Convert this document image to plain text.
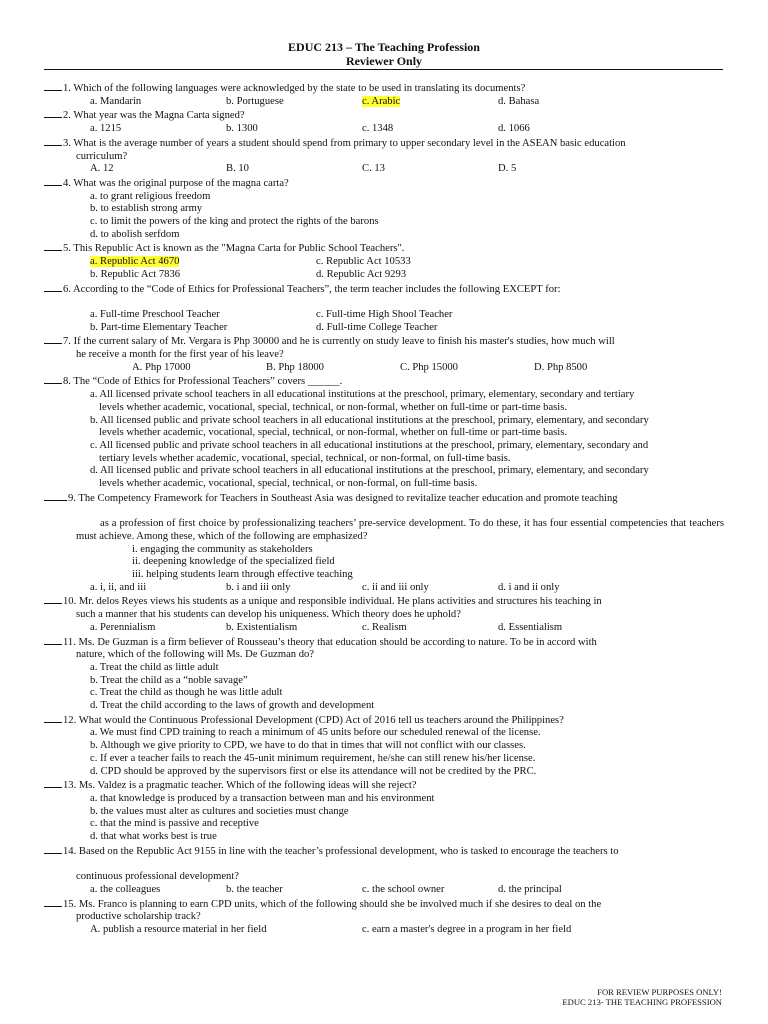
EDUC 213 – The Teaching Profession
Reviewer Only
1. Which of the following languages were acknowledged by the state to be used in translating its documents?
a. Mandarin	b. Portuguese	c. Arabic	d. Bahasa
2. What year was the Magna Carta signed?
a. 1215	b. 1300	c. 1348	d. 1066
3. What is the average number of years a student should spend from primary to upper secondary level in the ASEAN basic education
curriculum?
A. 12	B. 10	C. 13	D. 5
4. What was the original purpose of the magna carta?
a. to grant religious freedom
b. to establish strong army
c. to limit the powers of the king and protect the rights of the barons
d. to abolish serfdom
5. This Republic Act is known as the "Magna Carta for Public School Teachers".
a. Republic Act 4670	c. Republic Act 10533
b. Republic Act 7836	d. Republic Act 9293
6. According to the “Code of Ethics for Professional Teachers”, the term teacher includes the following EXCEPT for:
a. Full-time Preschool Teacher	c. Full-time High Shool Teacher
b. Part-time Elementary Teacher	d. Full-time College Teacher
7. If the current salary of Mr. Vergara is Php 30000 and he is currently on study leave to finish his master's studies, how much will
he receive a month for the first year of his leave?
A. Php 17000	B. Php 18000	C. Php 15000	D. Php 8500
8. The “Code of Ethics for Professional Teachers” covers ______.
a. All licensed private school teachers in all educational institutions at the preschool, primary, elementary, secondary and tertiary levels whether academic, vocational, special, technical, or non-formal, whether on full-time or part-time basis.
b. All licensed public and private school teachers in all educational institutions at the preschool, primary, elementary, and secondary levels whether academic, vocational, special, technical, or non-formal, whether on full-time or part-time basis.
c. All licensed public and private school teachers in all educational institutions at the preschool, primary, elementary, secondary and tertiary levels whether academic, vocational, special, technical, or non-formal, on full-time basis.
d. All licensed public and private school teachers in all educational institutions at the preschool, primary, elementary, and secondary levels whether academic, vocational, special, technical, or non-formal, on full-time basis.
9. The Competency Framework for Teachers in Southeast Asia was designed to revitalize teacher education and promote teaching
as a profession of first choice by professionalizing teachers’ pre-service development. To do these, it has four essential competencies that teachers must achieve. Among these, which of the following are emphasized?
i. engaging the community as stakeholders
ii. deepening knowledge of the specialized field
iii. helping students learn through effective teaching
a. i, ii, and iii	b. i and iii only	c. ii and iii only	d. i and ii only
10. Mr. delos Reyes views his students as a unique and responsible individual. He plans activities and structures his teaching in
such a manner that his students can develop his uniqueness. Which theory does he uphold?
a. Perennialism	b. Existentialism	c. Realism	d. Essentialism
11. Ms. De Guzman is a firm believer of Rousseau’s theory that education should be according to nature. To be in accord with
nature, which of the following will Ms. De Guzman do?
a. Treat the child as little adult
b. Treat the child as a “noble savage”
c. Treat the child as though he was little adult
d. Treat the child according to the laws of growth and development
12. What would the Continuous Professional Development (CPD) Act of 2016 tell us teachers around the Philippines?
a. We must find CPD training to reach a minimum of 45 units before our scheduled renewal of the license.
b. Although we give priority to CPD, we have to do that in times that will not conflict with our classes.
c. If ever a teacher fails to reach the 45-unit minimum requirement, he/she can still renew his/her license.
d. CPD should be approved by the supervisors first or else its attendance will not be credited by the PRC.
13. Ms. Valdez is a pragmatic teacher. Which of the following ideas will she reject?
a. that knowledge is produced by a transaction between man and his environment
b. the values must alter as cultures and societies must change
c. that the mind is passive and receptive
d. that what works best is true
14. Based on the Republic Act 9155 in line with the teacher’s professional development, who is tasked to encourage the teachers to
continuous professional development?
a. the colleagues	b. the teacher	c. the school owner	d. the principal
15. Ms. Franco is planning to earn CPD units, which of the following should she be involved much if she desires to deal on the
productive scholarship track?
A. publish a resource material in her field	c. earn a master's degree in a program in her field
FOR REVIEW PURPOSES ONLY!
EDUC 213- THE TEACHING PROFESSION
